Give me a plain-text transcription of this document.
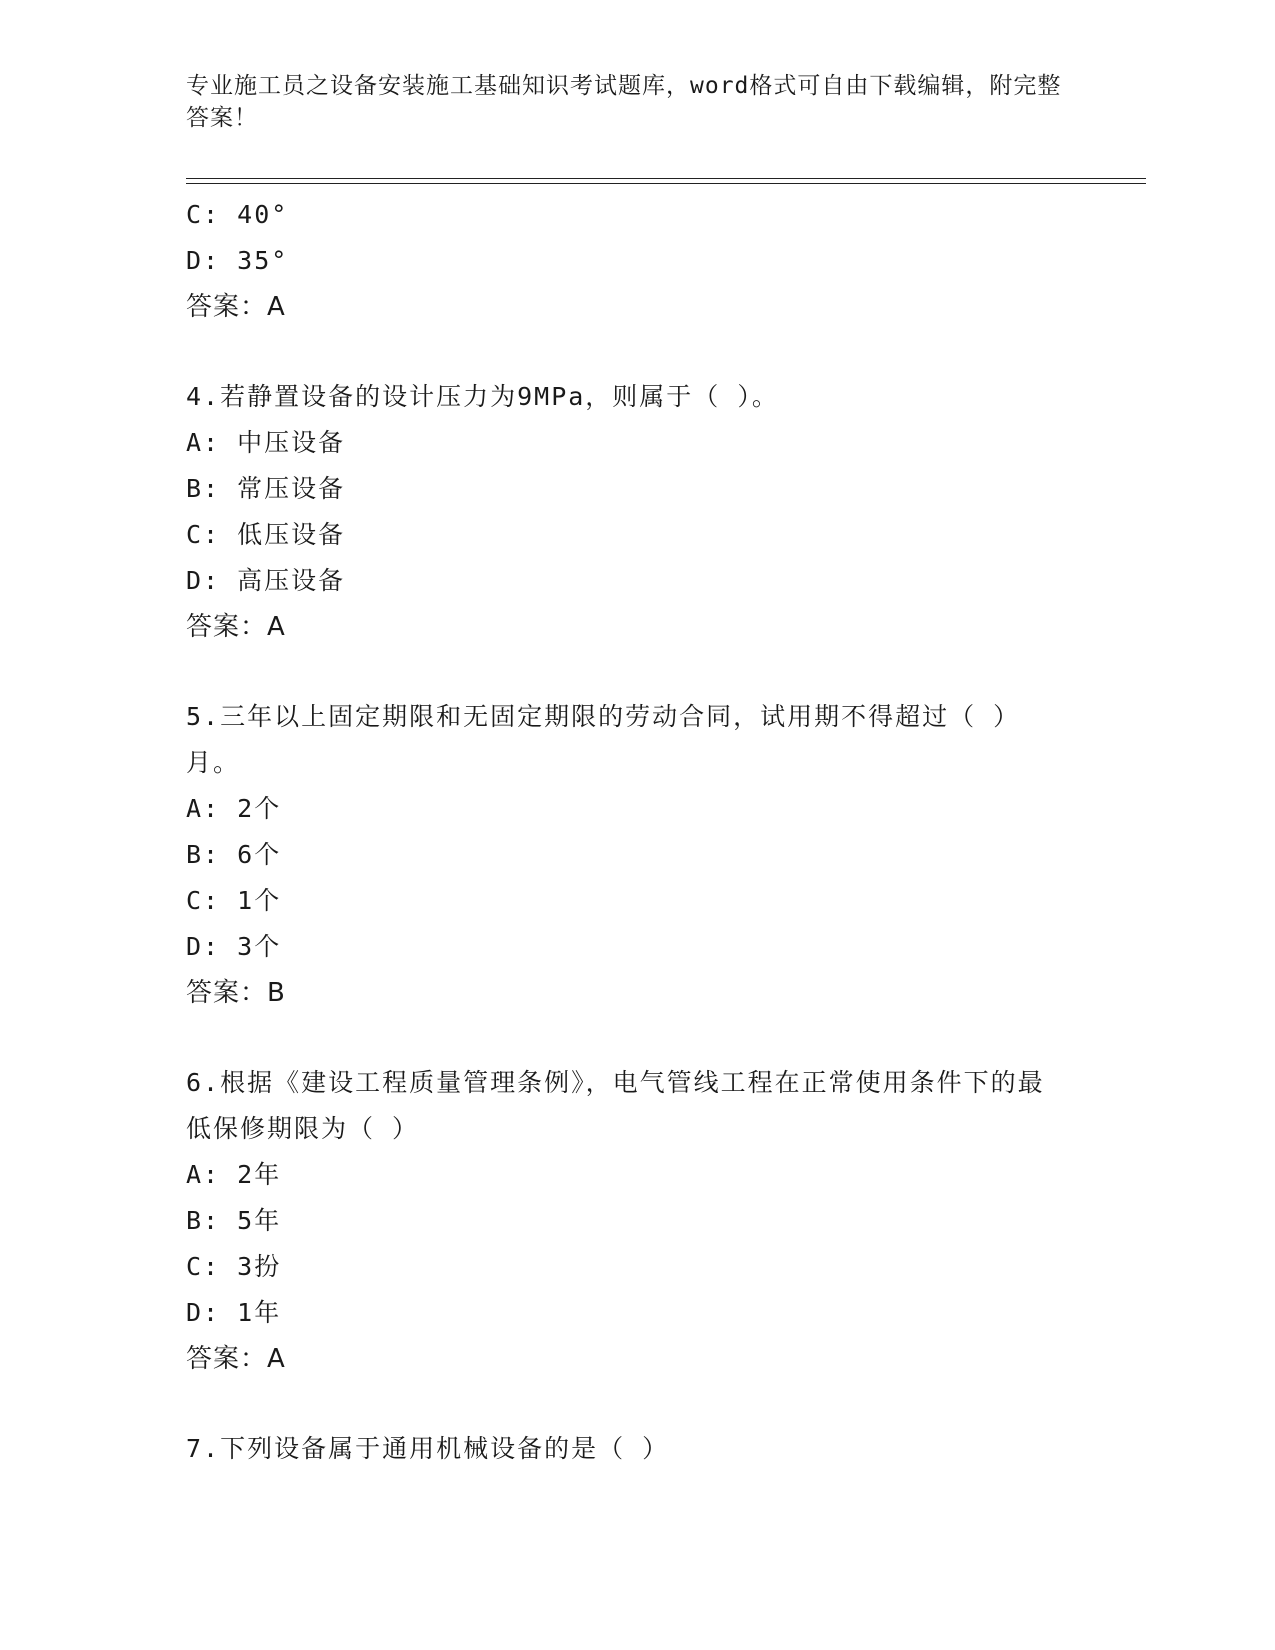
专业施工员之设备安装施工基础知识考试题库，word格式可自由下载编辑，附完整答案！
C: 40°
D: 35°
答案：A
4.若静置设备的设计压力为9MPa，则属于（ ）。
A: 中压设备
B: 常压设备
C: 低压设备
D: 高压设备
答案：A
5.三年以上固定期限和无固定期限的劳动合同，试用期不得超过（ ）月。
A: 2个
B: 6个
C: 1个
D: 3个
答案：B
6.根据《建设工程质量管理条例》，电气管线工程在正常使用条件下的最低保修期限为（ ）
A: 2年
B: 5年
C: 3扮
D: 1年
答案：A
7.下列设备属于通用机械设备的是（ ）
